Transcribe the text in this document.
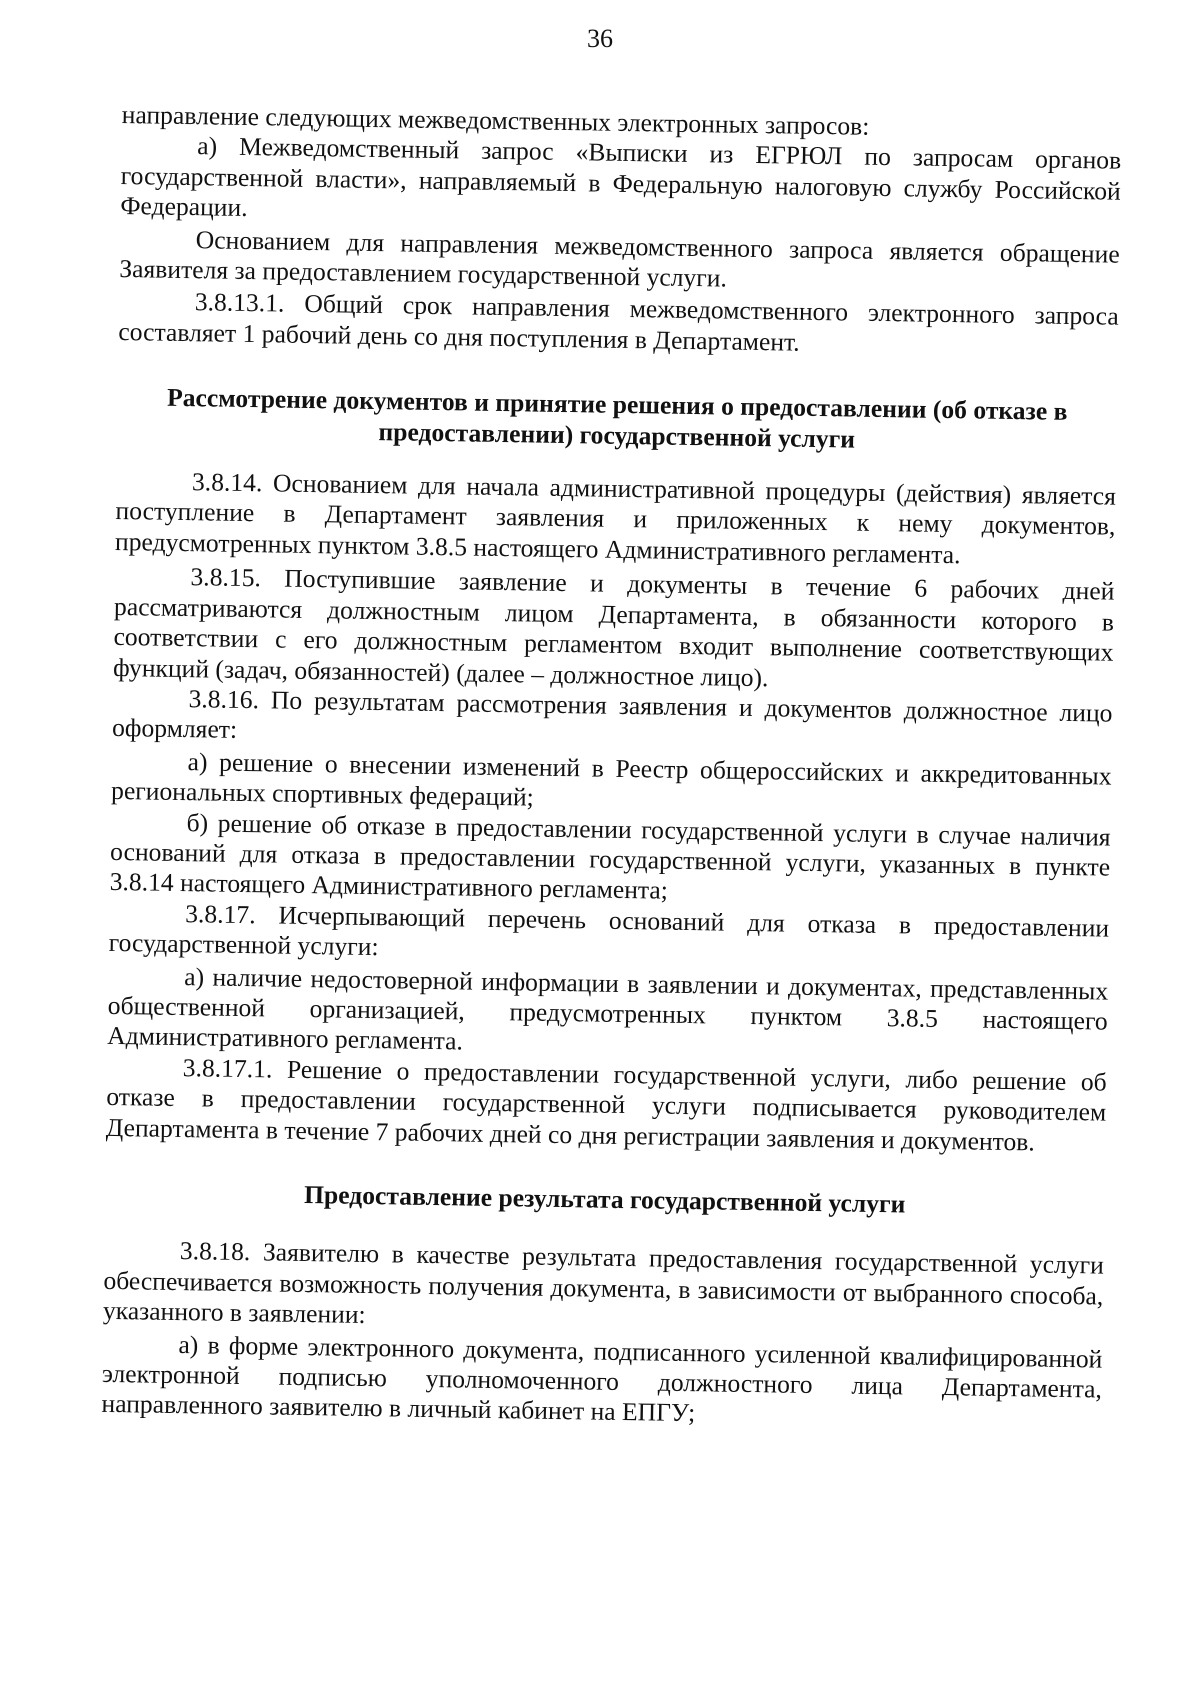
36

направление следующих межведомственных электронных запросов:

а) Межведомственный запрос «Выписки из ЕГРЮЛ по запросам органов государственной власти», направляемый в Федеральную налоговую службу Российской Федерации.

Основанием для направления межведомственного запроса является обращение Заявителя за предоставлением государственной услуги.

3.8.13.1. Общий срок направления межведомственного электронного запроса составляет 1 рабочий день со дня поступления в Департамент.

Рассмотрение документов и принятие решения о предоставлении (об отказе в предоставлении) государственной услуги

3.8.14. Основанием для начала административной процедуры (действия) является поступление в Департамент заявления и приложенных к нему документов, предусмотренных пунктом 3.8.5 настоящего Административного регламента.

3.8.15. Поступившие заявление и документы в течение 6 рабочих дней рассматриваются должностным лицом Департамента, в обязанности которого в соответствии с его должностным регламентом входит выполнение соответствующих функций (задач, обязанностей) (далее – должностное лицо).

3.8.16. По результатам рассмотрения заявления и документов должностное лицо оформляет:

а) решение о внесении изменений в Реестр общероссийских и аккредитованных региональных спортивных федераций;

б) решение об отказе в предоставлении государственной услуги в случае наличия оснований для отказа в предоставлении государственной услуги, указанных в пункте 3.8.14 настоящего Административного регламента;

3.8.17. Исчерпывающий перечень оснований для отказа в предоставлении государственной услуги:

а) наличие недостоверной информации в заявлении и документах, представленных общественной организацией, предусмотренных пунктом 3.8.5 настоящего Административного регламента.

3.8.17.1. Решение о предоставлении государственной услуги, либо решение об отказе в предоставлении государственной услуги подписывается руководителем Департамента в течение 7 рабочих дней со дня регистрации заявления и документов.

Предоставление результата государственной услуги

3.8.18. Заявителю в качестве результата предоставления государственной услуги обеспечивается возможность получения документа, в зависимости от выбранного способа, указанного в заявлении:

а) в форме электронного документа, подписанного усиленной квалифицированной электронной подписью уполномоченного должностного лица Департамента, направленного заявителю в личный кабинет на ЕПГУ;
